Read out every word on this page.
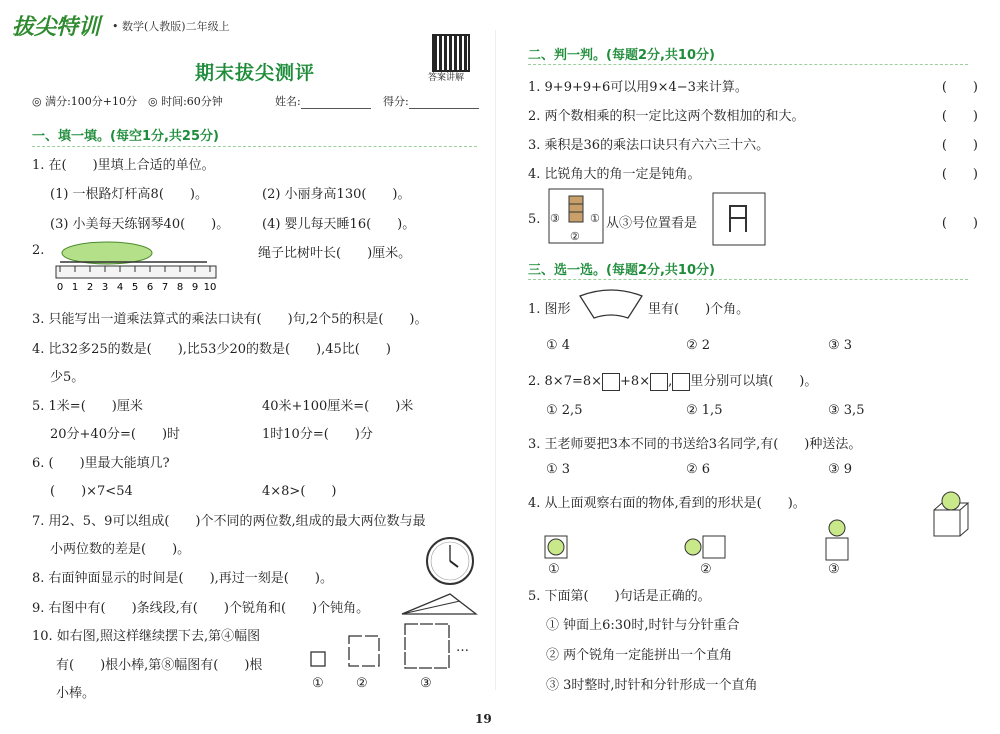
拔尖特训 • 数学(人教版)二年级上
期末拔尖测评	答案讲解
◎ 满分:100分+10分　◎ 时间:60分钟	姓名:	得分:
一、填一填。(每空1分,共25分)
1. 在(　　)里填上合适的单位。
(1) 一根路灯杆高8(　　)。	(2) 小丽身高130(　　)。
(3) 小美每天练钢琴40(　　)。	(4) 婴儿每天睡16(　　)。
2.
0 1 2 3 4 5 6 7 8 9 10
绳子比树叶长(　　)厘米。
3. 只能写出一道乘法算式的乘法口诀有(　　)句,2个5的积是(　　)。
4. 比32多25的数是(　　),比53少20的数是(　　),45比(　　)
少5。
5. 1米=(　　)厘米	40米+100厘米=(　　)米
20分+40分=(　　)时	1时10分=(　　)分
6. (　　)里最大能填几?
(　　)×7<54	4×8>(　　)
7. 用2、5、9可以组成(　　)个不同的两位数,组成的最大两位数与最
小两位数的差是(　　)。
8. 右面钟面显示的时间是(　　),再过一刻是(　　)。
9. 右图中有(　　)条线段,有(　　)个锐角和(　　)个钝角。
10. 如右图,照这样继续摆下去,第④幅图
有(　　)根小棒,第⑧幅图有(　　)根
小棒。
…
① ②	③
二、判一判。(每题2分,共10分)
1. 9+9+9+6可以用9×4−3来计算。	(　　)
2. 两个数相乘的积一定比这两个数相加的和大。	(　　)
3. 乘积是36的乘法口诀只有六六三十六。	(　　)
4. 比锐角大的角一定是钝角。	(　　)
5. ③	①
②
从③号位置看是	(　　)
三、选一选。(每题2分,共10分)
1. 图形	里有(　　)个角。
① 4	② 2	③ 3
2. 8×7=8× +8× , 里分别可以填(　　)。
① 2,5	② 1,5	③ 3,5
3. 王老师要把3本不同的书送给3名同学,有(　　)种送法。
① 3	② 6	③ 9
4. 从上面观察右面的物体,看到的形状是(　　)。
①	②	③
5. 下面第(　　)句话是正确的。
① 钟面上6:30时,时针与分针重合
② 两个锐角一定能拼出一个直角
③ 3时整时,时针和分针形成一个直角
19
